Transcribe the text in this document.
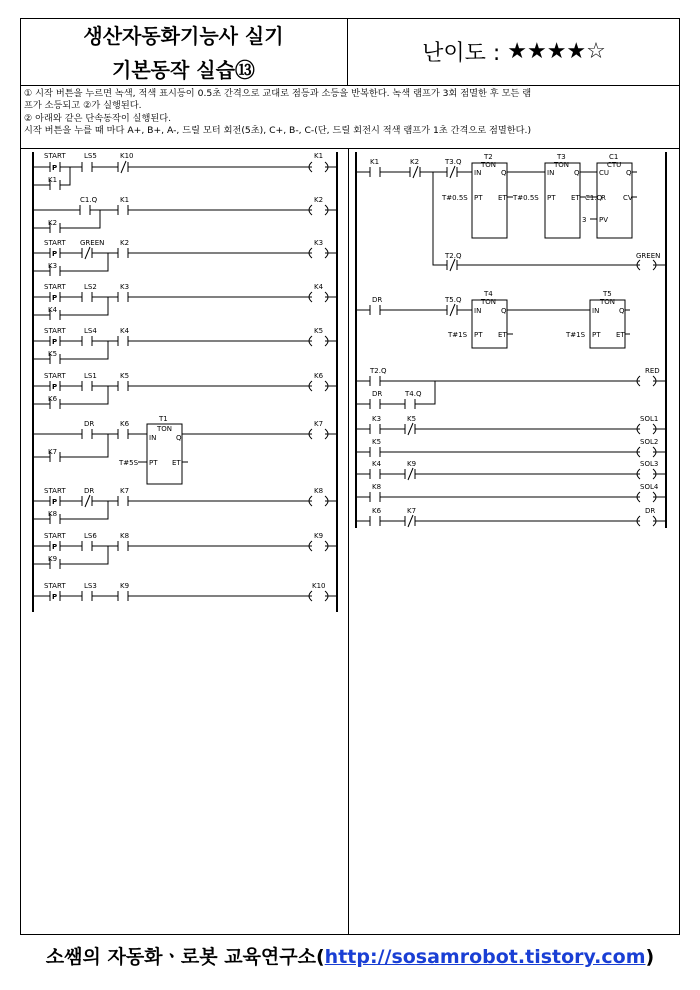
생산자동화기능사 실기
기본동작 실습⑬
난이도 :
★★★★☆
① 시작 버튼을 누르면 녹색, 적색 표시등이 0.5초 간격으로 교대로 점등과 소등을 반복한다. 녹색 램프가 3회 점멸한 후 모든 램
프가 소등되고 ②가 실행된다.
② 아래와 같은 단속동작이 실행된다.
시작 버튼을 누를 때 마다 A+, B+, A-, 드릴 모터 회전(5초), C+, B-, C-(단, 드릴 회전시 적색 램프가 1초 간격으로 점멸한다.)
P
P
P
P
P
P
P
P
START	LS5	K10
K1
K1
C1.Q	K1
K2
K2
START GREEN K2
K3
K3
START	LS2	K3
K4
K4
START	LS4	K4
K5
K5
START	LS1	K5
K6
K6
DR	K6
K7
K7
T1
TON
IN	Q
PT ET
T#5S
START	DR	K7
K8
K8
START	LS6	K8
K9
K9
START	LS3	K9	K10
K1	K2	T3.Q
T2
TON
IN	Q
PT ET
T#0.5S
T3
TON
IN	Q
PT ET
T#0.5S
C1
CTU
CU Q
R CV
PV
C1.Q
3
T2.Q	GREEN
DR	T5.Q
T4
TON
IN	Q
PT ET
T#1S
T5
TON
IN	Q
PT ET
T#1S
T2.Q
DR	T4.Q
RED
K3	K5	SOL1
K5	SOL2
K4	K9	SOL3
K8	SOL4
K6	K7	DR
소쌤의 자동화ㆍ로봇 교육연구소(http://sosamrobot.tistory.com)
